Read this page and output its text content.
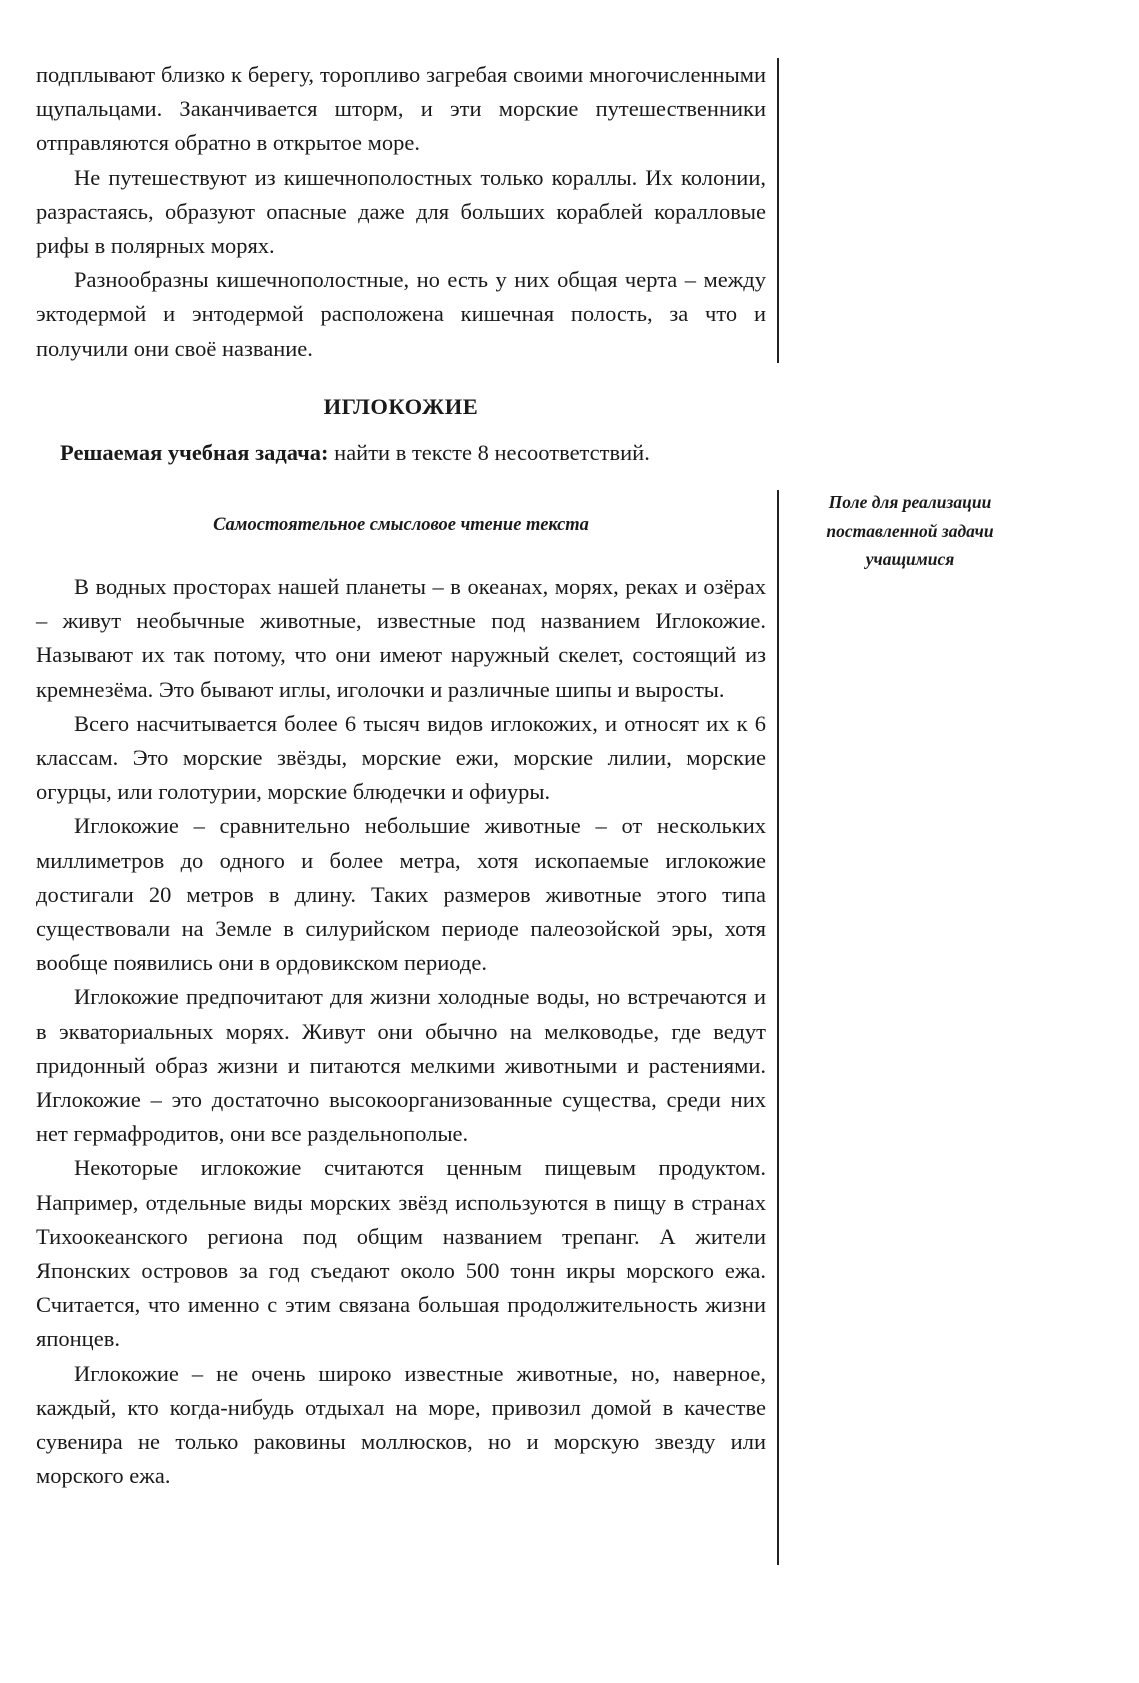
подплывают близко к берегу, торопливо загребая своими многочисленными щупальцами. Заканчивается шторм, и эти морские путешественники отправляются обратно в открытое море.

Не путешествуют из кишечнополостных только кораллы. Их колонии, разрастаясь, образуют опасные даже для больших кораблей коралловые рифы в полярных морях.

Разнообразны кишечнополостные, но есть у них общая черта – между эктодермой и энтодермой расположена кишечная полость, за что и получили они своё название.

ИГЛОКОЖИЕ
Решаемая учебная задача: найти в тексте 8 несоответствий.
Самостоятельное смысловое чтение текста
Поле для реализации поставленной задачи учащимися

В водных просторах нашей планеты – в океанах, морях, реках и озёрах – живут необычные животные, известные под названием Иглокожие. Называют их так потому, что они имеют наружный скелет, состоящий из кремнезёма. Это бывают иглы, иголочки и различные шипы и выросты.

Всего насчитывается более 6 тысяч видов иглокожих, и относят их к 6 классам. Это морские звёзды, морские ежи, морские лилии, морские огурцы, или голотурии, морские блюдечки и офиуры.

Иглокожие – сравнительно небольшие животные – от нескольких миллиметров до одного и более метра, хотя ископаемые иглокожие достигали 20 метров в длину. Таких размеров животные этого типа существовали на Земле в силурийском периоде палеозойской эры, хотя вообще появились они в ордовикском периоде.

Иглокожие предпочитают для жизни холодные воды, но встречаются и в экваториальных морях. Живут они обычно на мелководье, где ведут придонный образ жизни и питаются мелкими животными и растениями. Иглокожие – это достаточно высокоорганизованные существа, среди них нет гермафродитов, они все раздельнополые.

Некоторые иглокожие считаются ценным пищевым продуктом. Например, отдельные виды морских звёзд используются в пищу в странах Тихоокеанского региона под общим названием трепанг. А жители Японских островов за год съедают около 500 тонн икры морского ежа. Считается, что именно с этим связана большая продолжительность жизни японцев.

Иглокожие – не очень широко известные животные, но, наверное, каждый, кто когда-нибудь отдыхал на море, привозил домой в качестве сувенира не только раковины моллюсков, но и морскую звезду или морского ежа.
